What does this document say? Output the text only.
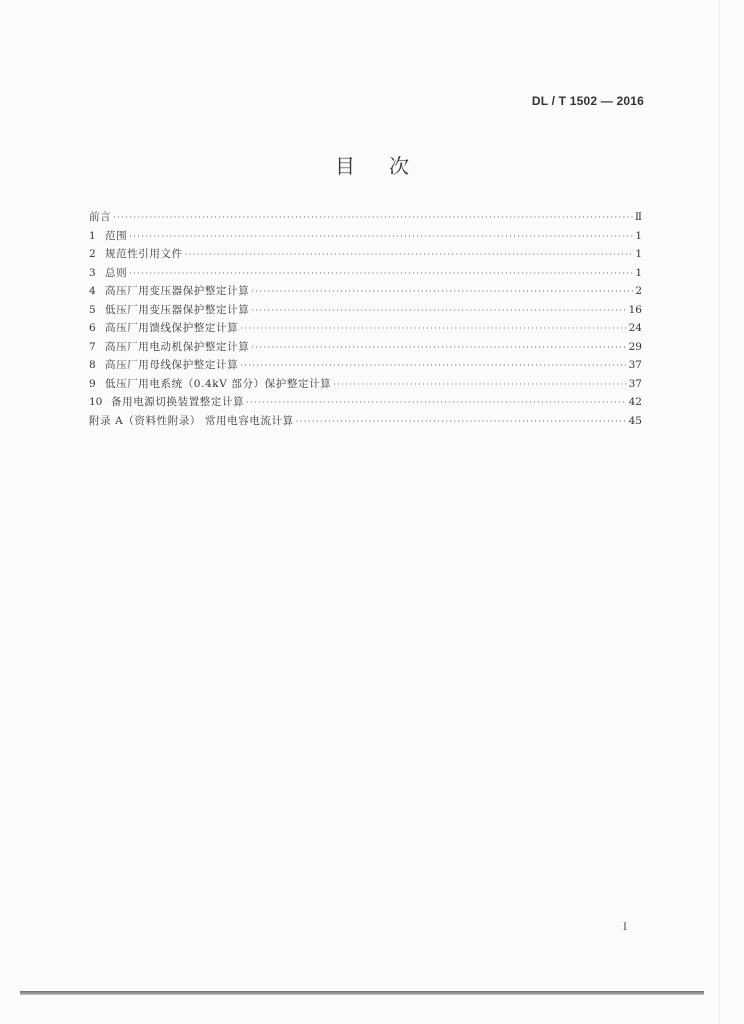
DL / T 1502 — 2016
目 次
前言 ·····	Ⅱ
1 范围 ·····	1
2 规范性引用文件 ·····	1
3 总则 ·····	1
4 高压厂用变压器保护整定计算 ·····	2
5 低压厂用变压器保护整定计算 ·····	16
6 高压厂用馈线保护整定计算 ·····	24
7 高压厂用电动机保护整定计算 ·····	29
8 高压厂用母线保护整定计算 ·····	37
9 低压厂用电系统（0.4kV 部分）保护整定计算 ·····	37
10 备用电源切换装置整定计算 ·····	42
附录 A（资料性附录） 常用电容电流计算 ·····	45
I
